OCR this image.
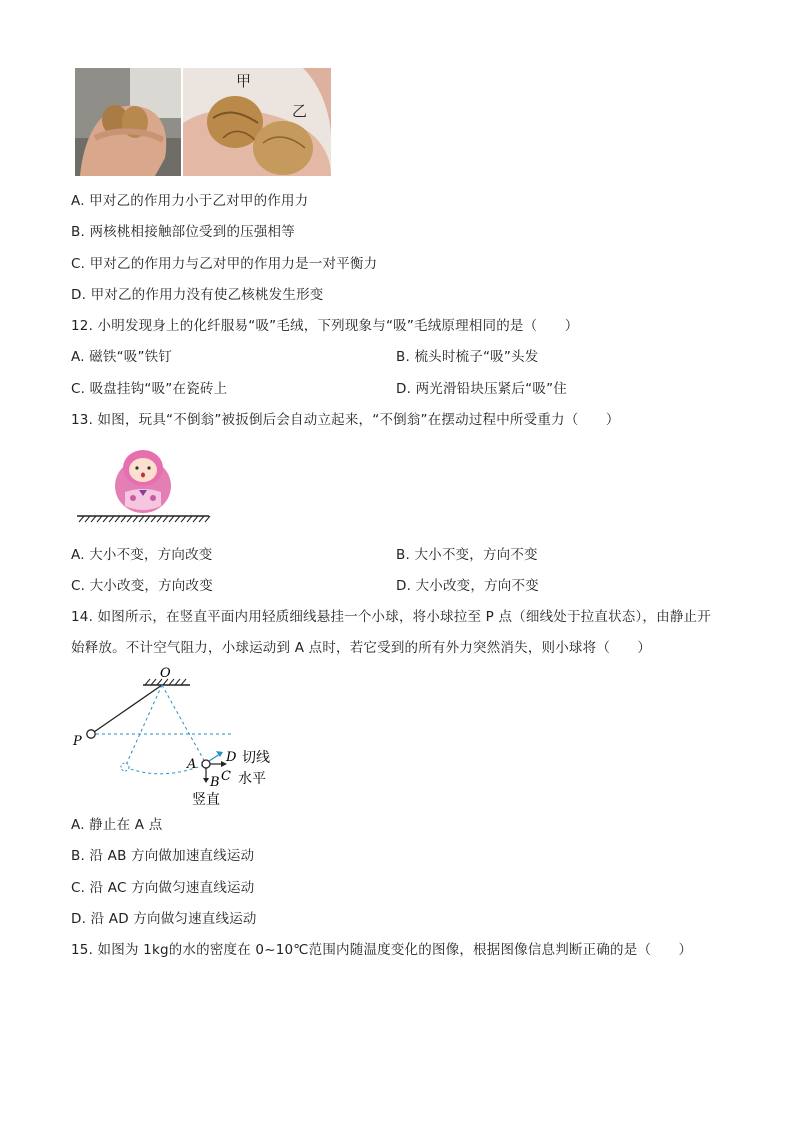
甲
乙
A. 甲对乙的作用力小于乙对甲的作用力
B. 两核桃相接触部位受到的压强相等
C. 甲对乙的作用力与乙对甲的作用力是一对平衡力
D. 甲对乙的作用力没有使乙核桃发生形变
12. 小明发现身上的化纤服易“吸”毛绒，下列现象与“吸”毛绒原理相同的是（　　）
A. 磁铁“吸”铁钉	B. 梳头时梳子“吸”头发
C. 吸盘挂钩“吸”在瓷砖上	D. 两光滑铅块压紧后“吸”住
13. 如图，玩具“不倒翁”被扳倒后会自动立起来，“不倒翁”在摆动过程中所受重力（　　）
A. 大小不变，方向改变	B. 大小不变，方向不变
C. 大小改变，方向改变	D. 大小改变，方向不变
14. 如图所示，在竖直平面内用轻质细线悬挂一个小球，将小球拉至 P 点（细线处于拉直状态），由静止开
始释放。不计空气阻力，小球运动到 A 点时，若它受到的所有外力突然消失，则小球将（　　）
O
P
A
B C
D 切线
水平
竖直
A. 静止在 A 点
B. 沿 AB 方向做加速直线运动
C. 沿 AC 方向做匀速直线运动
D. 沿 AD 方向做匀速直线运动
15. 如图为 1kg的水的密度在 0~10℃范围内随温度变化的图像，根据图像信息判断正确的是（　　）
